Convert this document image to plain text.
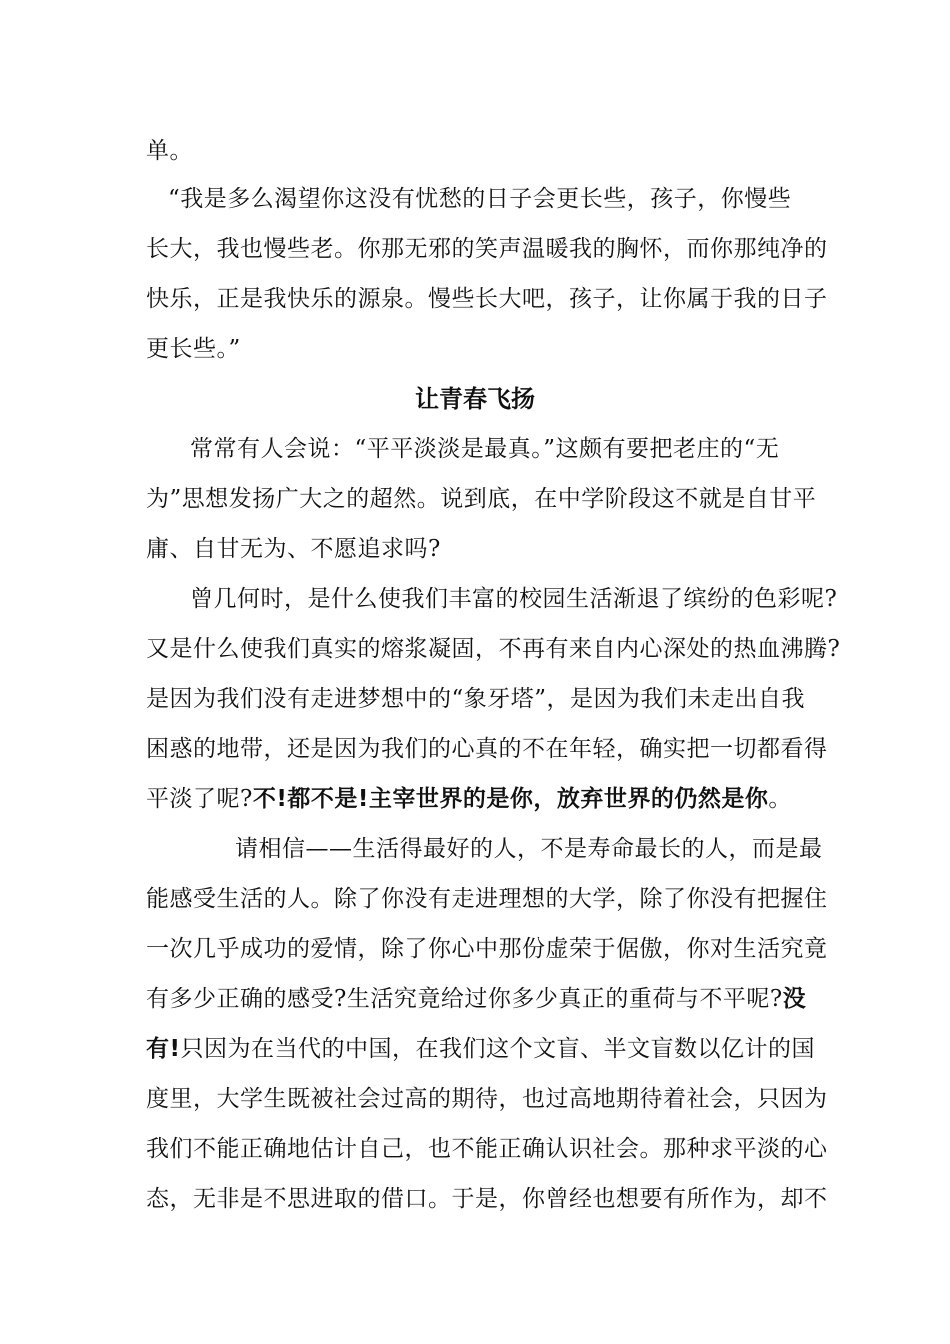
单。
“我是多么渴望你这没有忧愁的日子会更长些，孩子，你慢些
长大，我也慢些老。你那无邪的笑声温暖我的胸怀，而你那纯净的
快乐，正是我快乐的源泉。慢些长大吧，孩子，让你属于我的日子
更长些。”
让青春飞扬
常常有人会说：“平平淡淡是最真。”这颇有要把老庄的“无
为”思想发扬广大之的超然。说到底，在中学阶段这不就是自甘平
庸、自甘无为、不愿追求吗?
曾几何时，是什么使我们丰富的校园生活渐退了缤纷的色彩呢?
又是什么使我们真实的熔浆凝固，不再有来自内心深处的热血沸腾?
是因为我们没有走进梦想中的“象牙塔”，是因为我们未走出自我
困惑的地带，还是因为我们的心真的不在年轻，确实把一切都看得
平淡了呢?不!都不是!主宰世界的是你，放弃世界的仍然是你。
请相信——生活得最好的人，不是寿命最长的人，而是最
能感受生活的人。除了你没有走进理想的大学，除了你没有把握住
一次几乎成功的爱情，除了你心中那份虚荣于倨傲，你对生活究竟
有多少正确的感受?生活究竟给过你多少真正的重荷与不平呢?没
有!只因为在当代的中国，在我们这个文盲、半文盲数以亿计的国
度里，大学生既被社会过高的期待，也过高地期待着社会，只因为
我们不能正确地估计自己，也不能正确认识社会。那种求平淡的心
态，无非是不思进取的借口。于是，你曾经也想要有所作为，却不
